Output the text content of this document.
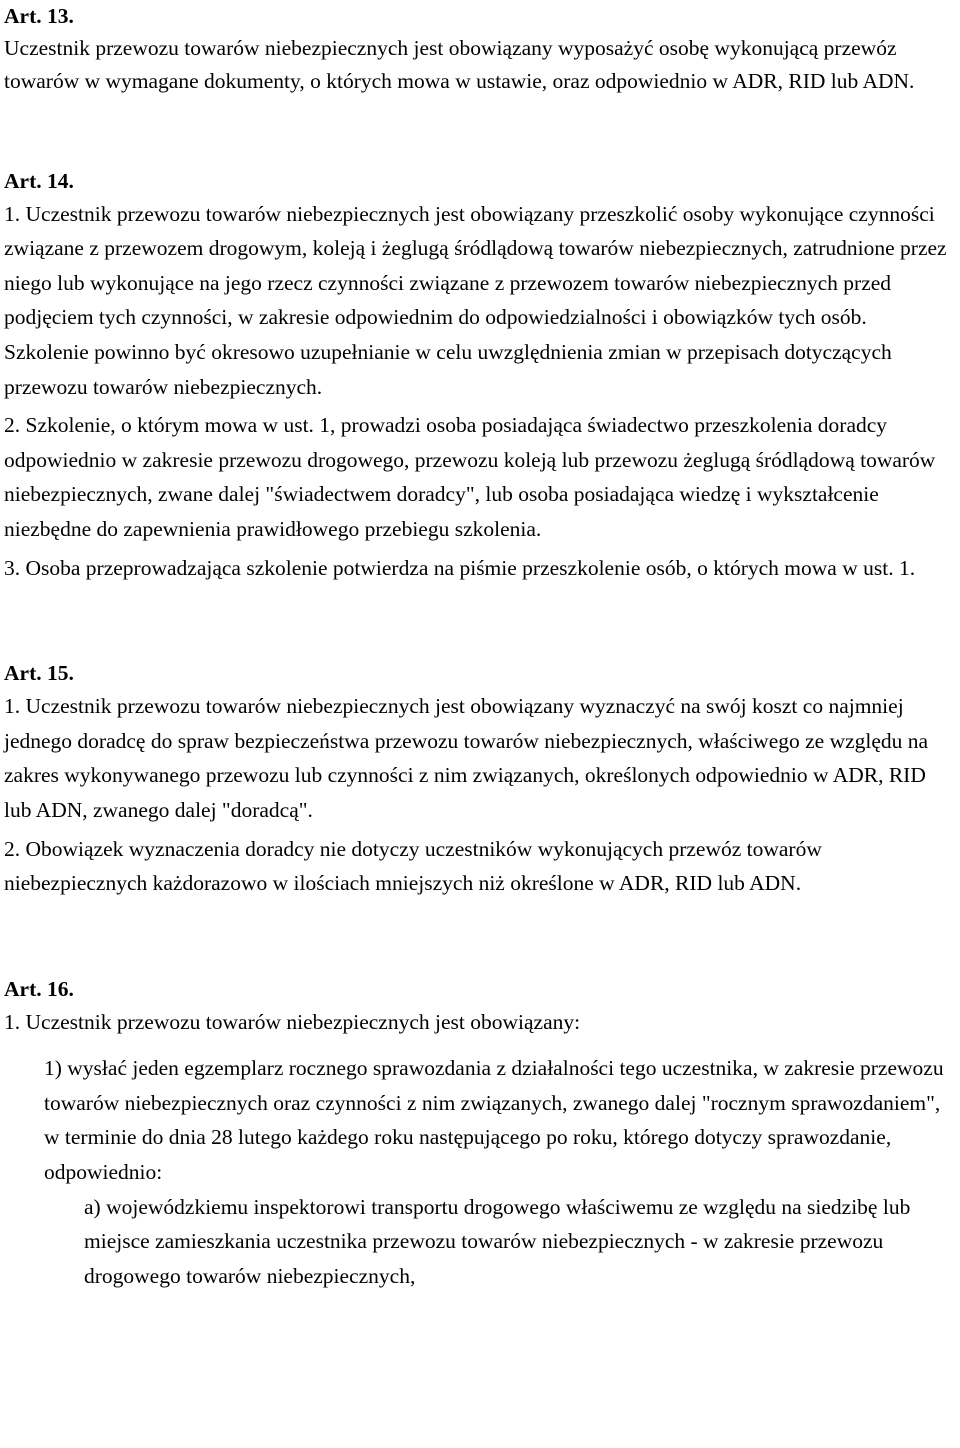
Art. 13.

Uczestnik przewozu towarów niebezpiecznych jest obowiązany wyposażyć osobę wykonującą przewóz towarów w wymagane dokumenty, o których mowa w ustawie, oraz odpowiednio w ADR, RID lub ADN.

Art. 14.

1. Uczestnik przewozu towarów niebezpiecznych jest obowiązany przeszkolić osoby wykonujące czynności związane z przewozem drogowym, koleją i żeglugą śródlądową towarów niebezpiecznych, zatrudnione przez niego lub wykonujące na jego rzecz czynności związane z przewozem towarów niebezpiecznych przed podjęciem tych czynności, w zakresie odpowiednim do odpowiedzialności i obowiązków tych osób. Szkolenie powinno być okresowo uzupełnianie w celu uwzględnienia zmian w przepisach dotyczących przewozu towarów niebezpiecznych.

2. Szkolenie, o którym mowa w ust. 1, prowadzi osoba posiadająca świadectwo przeszkolenia doradcy odpowiednio w zakresie przewozu drogowego, przewozu koleją lub przewozu żeglugą śródlądową towarów niebezpiecznych, zwane dalej "świadectwem doradcy", lub osoba posiadająca wiedzę i wykształcenie niezbędne do zapewnienia prawidłowego przebiegu szkolenia.

3. Osoba przeprowadzająca szkolenie potwierdza na piśmie przeszkolenie osób, o których mowa w ust. 1.

Art. 15.

1. Uczestnik przewozu towarów niebezpiecznych jest obowiązany wyznaczyć na swój koszt co najmniej jednego doradcę do spraw bezpieczeństwa przewozu towarów niebezpiecznych, właściwego ze względu na zakres wykonywanego przewozu lub czynności z nim związanych, określonych odpowiednio w ADR, RID lub ADN, zwanego dalej "doradcą".

2. Obowiązek wyznaczenia doradcy nie dotyczy uczestników wykonujących przewóz towarów niebezpiecznych każdorazowo w ilościach mniejszych niż określone w ADR, RID lub ADN.

Art. 16.

1. Uczestnik przewozu towarów niebezpiecznych jest obowiązany:

1) wysłać jeden egzemplarz rocznego sprawozdania z działalności tego uczestnika, w zakresie przewozu towarów niebezpiecznych oraz czynności z nim związanych, zwanego dalej "rocznym sprawozdaniem", w terminie do dnia 28 lutego każdego roku następującego po roku, którego dotyczy sprawozdanie, odpowiednio:

a) wojewódzkiemu inspektorowi transportu drogowego właściwemu ze względu na siedzibę lub miejsce zamieszkania uczestnika przewozu towarów niebezpiecznych - w zakresie przewozu drogowego towarów niebezpiecznych,
